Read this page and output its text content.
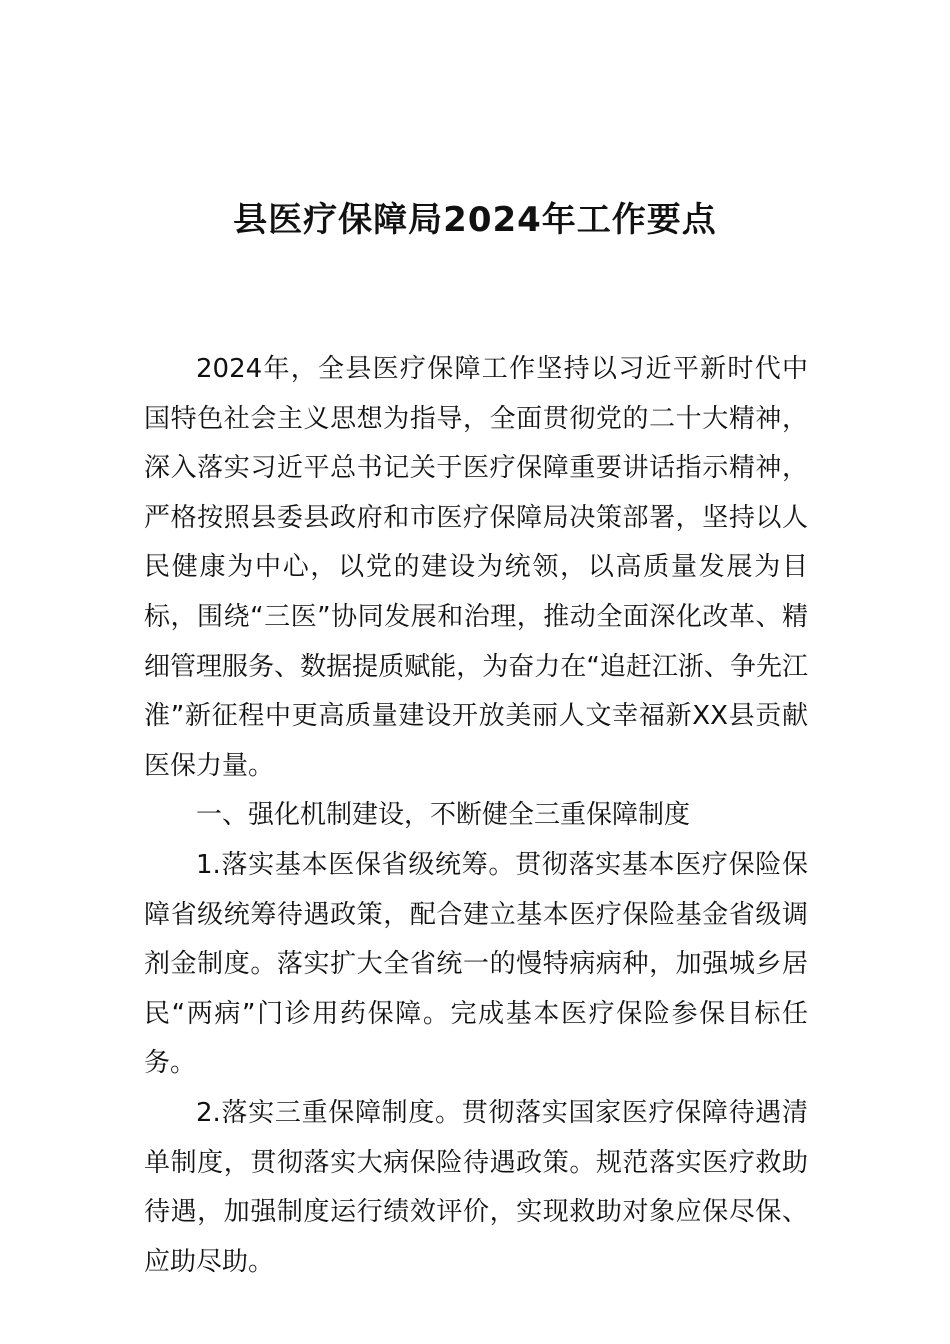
县医疗保障局2024年工作要点

2024年，全县医疗保障工作坚持以习近平新时代中国特色社会主义思想为指导，全面贯彻党的二十大精神，深入落实习近平总书记关于医疗保障重要讲话指示精神，严格按照县委县政府和市医疗保障局决策部署，坚持以人民健康为中心，以党的建设为统领，以高质量发展为目标，围绕“三医”协同发展和治理，推动全面深化改革、精细管理服务、数据提质赋能，为奋力在“追赶江浙、争先江淮”新征程中更高质量建设开放美丽人文幸福新XX县贡献医保力量。

一、强化机制建设，不断健全三重保障制度

1.落实基本医保省级统筹。贯彻落实基本医疗保险保障省级统筹待遇政策，配合建立基本医疗保险基金省级调剂金制度。落实扩大全省统一的慢特病病种，加强城乡居民“两病”门诊用药保障。完成基本医疗保险参保目标任务。

2.落实三重保障制度。贯彻落实国家医疗保障待遇清单制度，贯彻落实大病保险待遇政策。规范落实医疗救助待遇，加强制度运行绩效评价，实现救助对象应保尽保、应助尽助。
